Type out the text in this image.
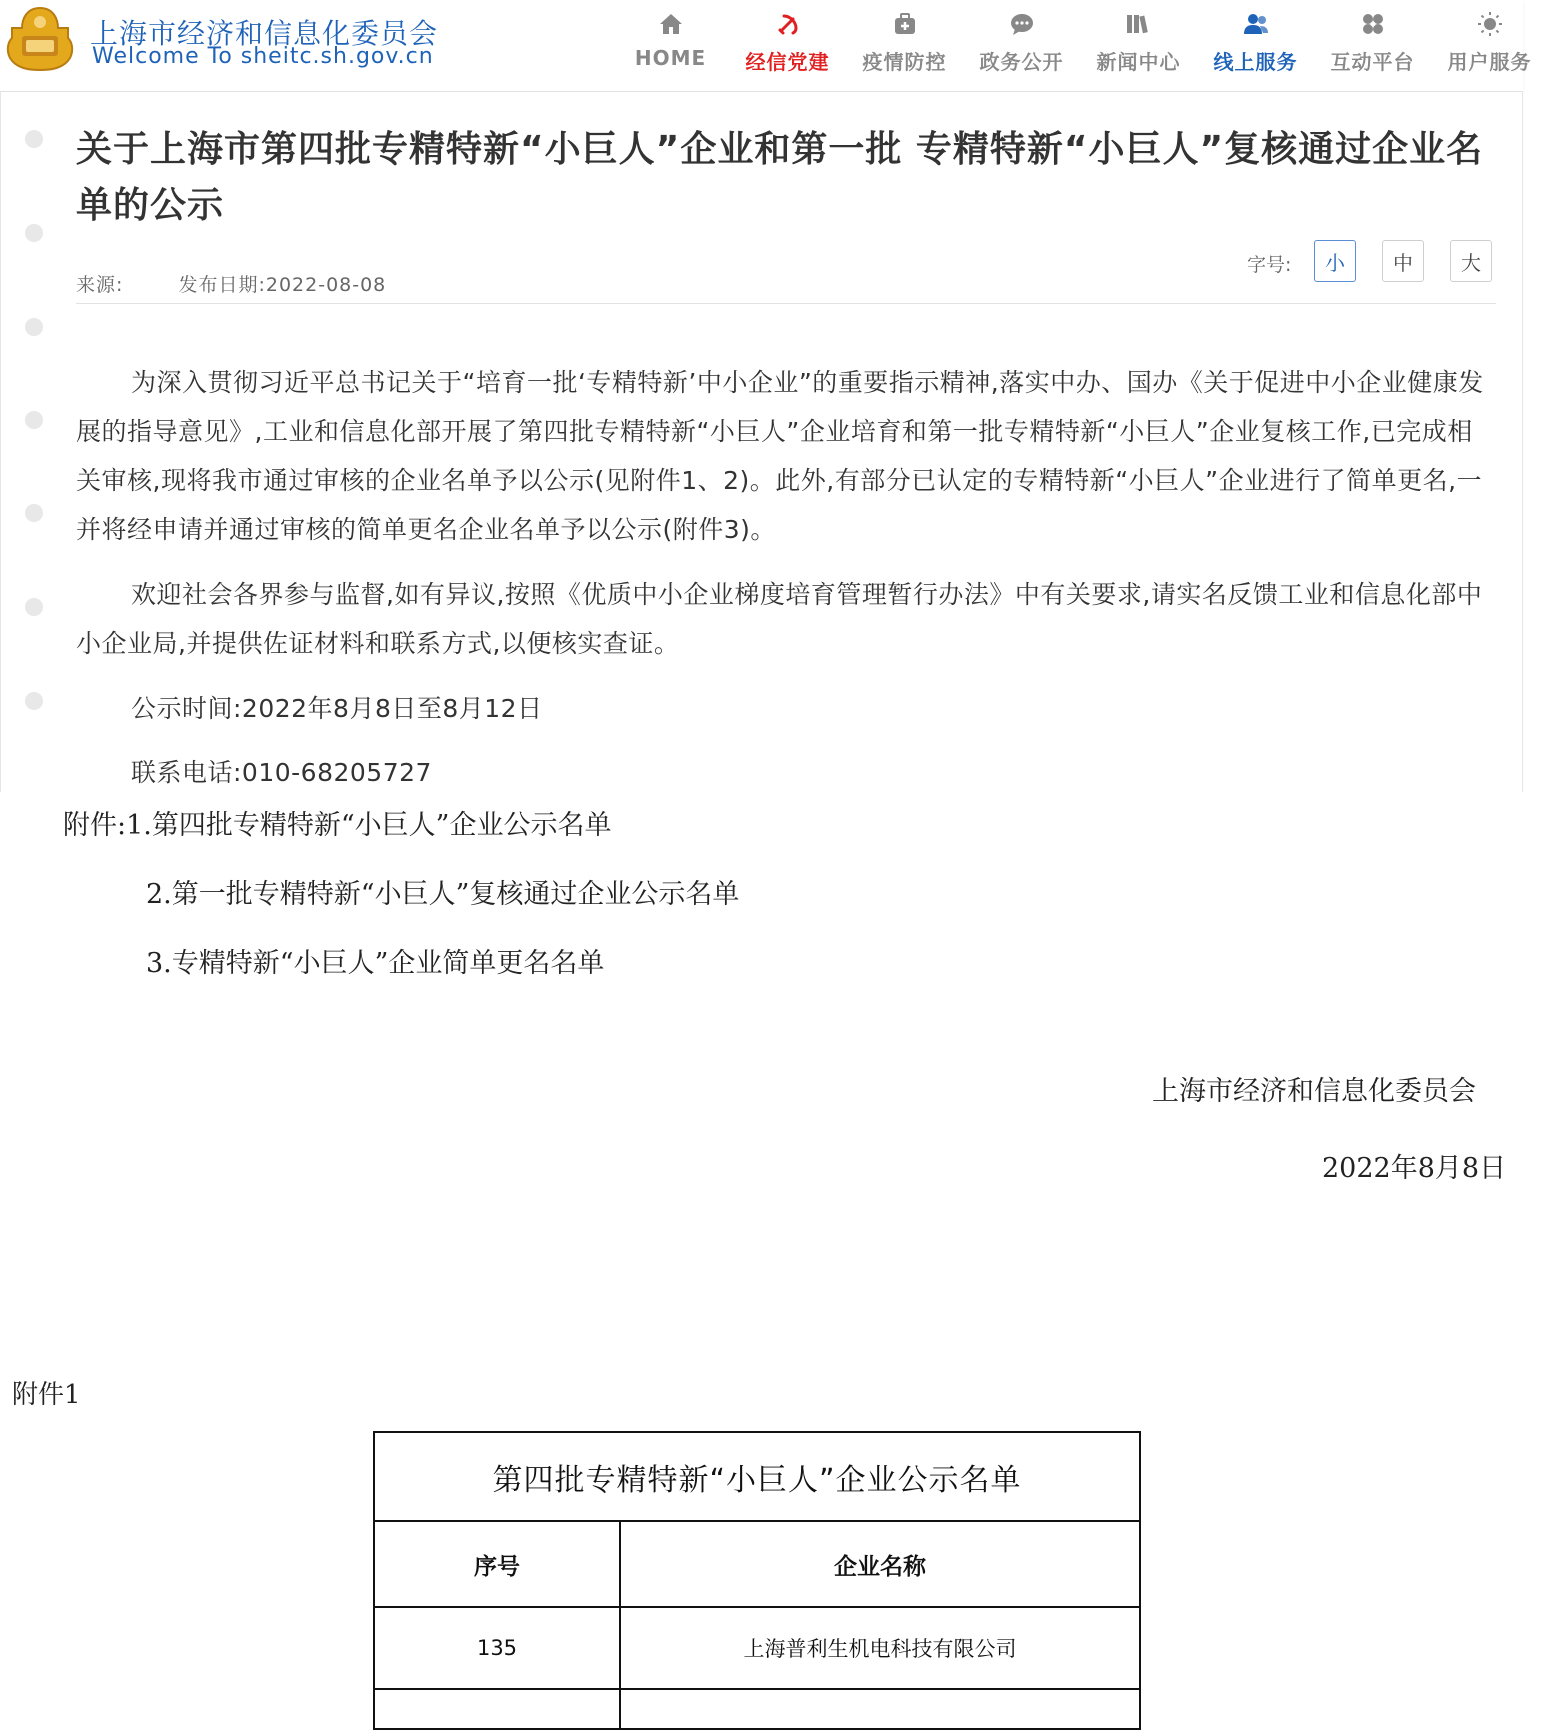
上海市经济和信息化委员会
Welcome To sheitc.sh.gov.cn	HOME 经信党建 疫情防控 政务公开 新闻中心 线上服务 互动平台 用户服务
关于上海市第四批专精特新“小巨人”企业和第一批 专精特新“小巨人”复核通过企业名单的公示
来源:	发布日期:2022-08-08
字号:	小	中	大

为深入贯彻习近平总书记关于“培育一批‘专精特新’中小企业”的重要指示精神,落实中办、国办《关于促进中小企业健康发展的指导意见》,工业和信息化部开展了第四批专精特新“小巨人”企业培育和第一批专精特新“小巨人”企业复核工作,已完成相关审核,现将我市通过审核的企业名单予以公示(见附件1、2)。此外,有部分已认定的专精特新“小巨人”企业进行了简单更名,一并将经申请并通过审核的简单更名企业名单予以公示(附件3)。

欢迎社会各界参与监督,如有异议,按照《优质中小企业梯度培育管理暂行办法》中有关要求,请实名反馈工业和信息化部中小企业局,并提供佐证材料和联系方式,以便核实查证。

公示时间:2022年8月8日至8月12日

联系电话:010-68205727

附件:1.第四批专精特新“小巨人”企业公示名单
2.第一批专精特新“小巨人”复核通过企业公示名单
3.专精特新“小巨人”企业简单更名名单
上海市经济和信息化委员会
2022年8月8日
附件1
第四批专精特新“小巨人”企业公示名单	
序号	企业名称
135	上海普利生机电科技有限公司
